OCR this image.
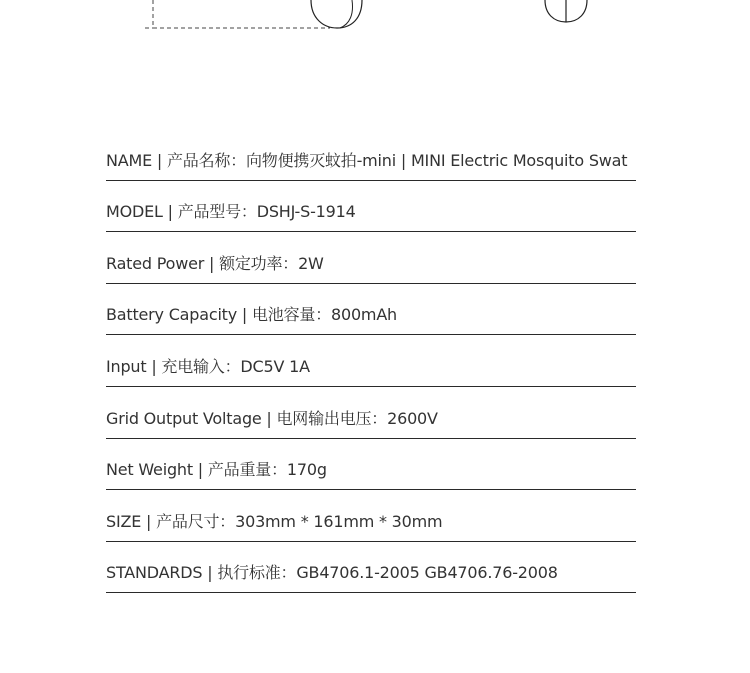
NAME | 产品名称：向物便携灭蚊拍-mini | MINI Electric Mosquito Swat
MODEL | 产品型号：DSHJ-S-1914
Rated Power | 额定功率：2W
Battery Capacity | 电池容量：800mAh
Input | 充电输入：DC5V 1A
Grid Output Voltage | 电网输出电压：2600V
Net Weight | 产品重量：170g
SIZE | 产品尺寸：303mm * 161mm * 30mm
STANDARDS | 执行标准：GB4706.1-2005 GB4706.76-2008
